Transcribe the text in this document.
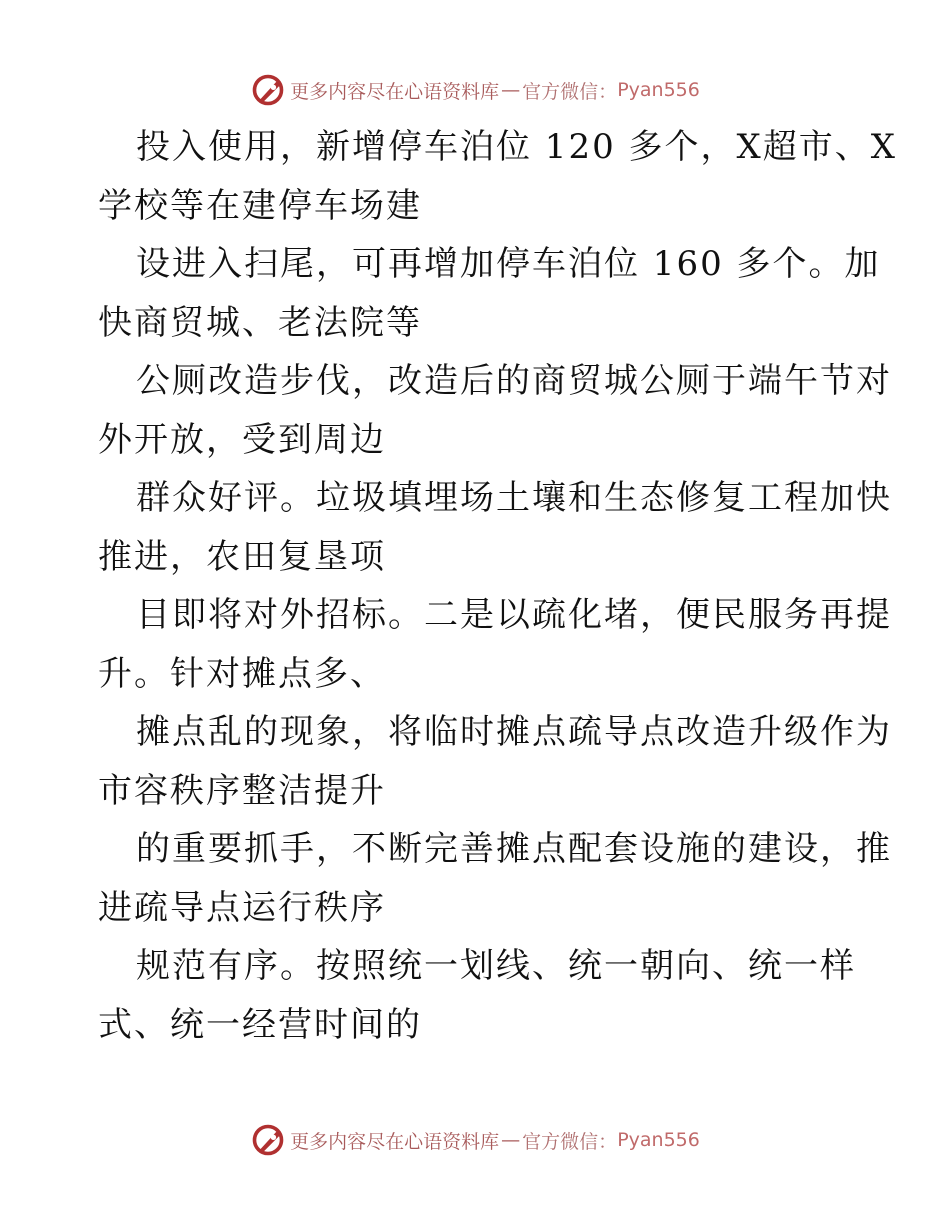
更多内容尽在心语资料库 — 官方微信： Pyan556
投入使用，新增停车泊位 120 多个，X超市、X
学校等在建停车场建
设进入扫尾，可再增加停车泊位 160 多个。加
快商贸城、老法院等
公厕改造步伐，改造后的商贸城公厕于端午节对
外开放，受到周边
群众好评。垃圾填埋场土壤和生态修复工程加快
推进，农田复垦项
目即将对外招标。二是以疏化堵，便民服务再提
升。针对摊点多、
摊点乱的现象，将临时摊点疏导点改造升级作为
市容秩序整洁提升
的重要抓手，不断完善摊点配套设施的建设，推
进疏导点运行秩序
规范有序。按照统一划线、统一朝向、统一样
式、统一经营时间的
更多内容尽在心语资料库 — 官方微信： Pyan556
